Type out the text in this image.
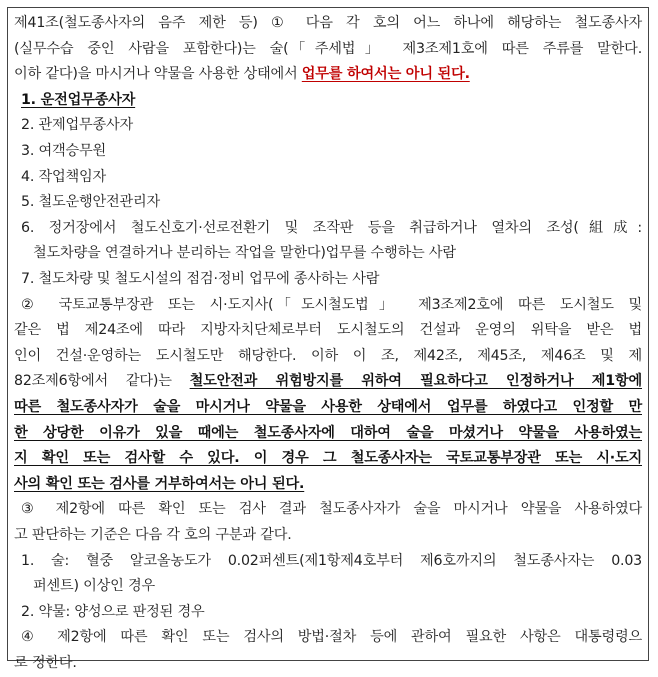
제41조(철도종사자의 음주 제한 등) ① 다음 각 호의 어느 하나에 해당하는 철도종사자
(실무수습 중인 사람을 포함한다)는 술(「주세법」 제3조제1호에 따른 주류를 말한다.
이하 같다)을 마시거나 약물을 사용한 상태에서 업무를 하여서는 아니 된다.
1. 운전업무종사자
2. 관제업무종사자
3. 여객승무원
4. 작업책임자
5. 철도운행안전관리자
6. 정거장에서 철도신호기·선로전환기 및 조작판 등을 취급하거나 열차의 조성(組成:
철도차량을 연결하거나 분리하는 작업을 말한다)업무를 수행하는 사람
7. 철도차량 및 철도시설의 점검·정비 업무에 종사하는 사람
② 국토교통부장관 또는 시·도지사(「도시철도법」 제3조제2호에 따른 도시철도 및
같은 법 제24조에 따라 지방자치단체로부터 도시철도의 건설과 운영의 위탁을 받은 법
인이 건설·운영하는 도시철도만 해당한다. 이하 이 조, 제42조, 제45조, 제46조 및 제
82조제6항에서 같다)는 철도안전과 위험방지를 위하여 필요하다고 인정하거나 제1항에
따른 철도종사자가 술을 마시거나 약물을 사용한 상태에서 업무를 하였다고 인정할 만
한 상당한 이유가 있을 때에는 철도종사자에 대하여 술을 마셨거나 약물을 사용하였는
지 확인 또는 검사할 수 있다. 이 경우 그 철도종사자는 국토교통부장관 또는 시·도지
사의 확인 또는 검사를 거부하여서는 아니 된다.
③ 제2항에 따른 확인 또는 검사 결과 철도종사자가 술을 마시거나 약물을 사용하였다
고 판단하는 기준은 다음 각 호의 구분과 같다.
1. 술: 혈중 알코올농도가 0.02퍼센트(제1항제4호부터 제6호까지의 철도종사자는 0.03
퍼센트) 이상인 경우
2. 약물: 양성으로 판정된 경우
④ 제2항에 따른 확인 또는 검사의 방법·절차 등에 관하여 필요한 사항은 대통령령으
로 정한다.
